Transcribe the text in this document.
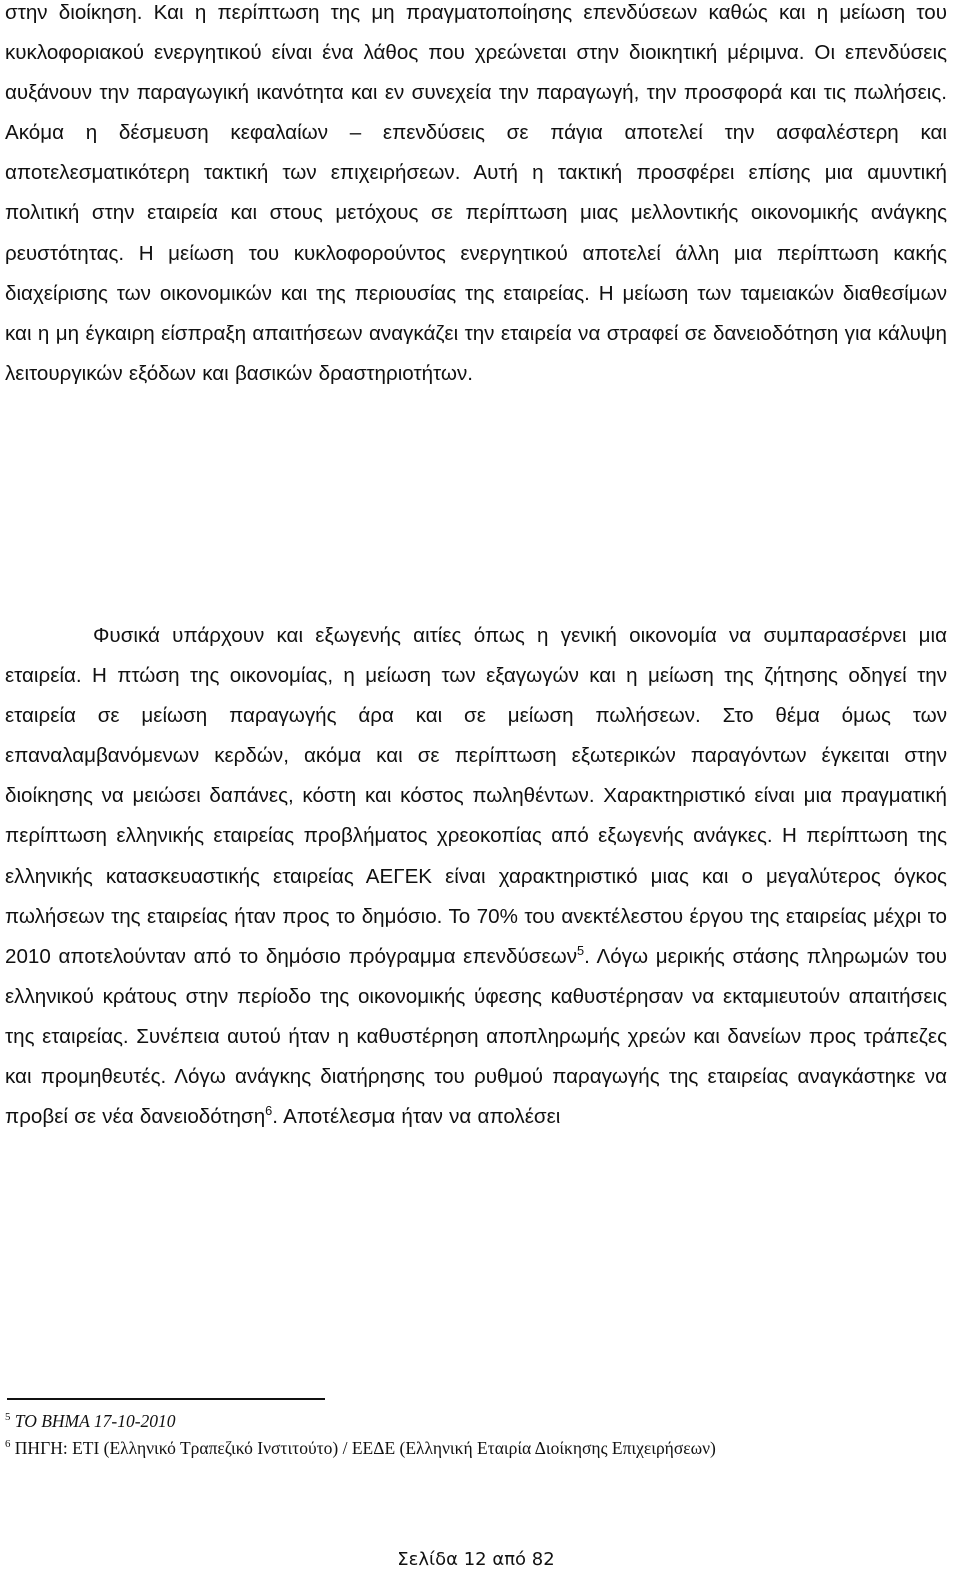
στην διοίκηση. Και η περίπτωση της μη πραγματοποίησης επενδύσεων καθώς και η μείωση του κυκλοφοριακού ενεργητικού είναι ένα λάθος που χρεώνεται στην διοικητική μέριμνα. Οι επενδύσεις αυξάνουν την παραγωγική ικανότητα και εν συνεχεία την παραγωγή, την προσφορά και τις πωλήσεις. Ακόμα η δέσμευση κεφαλαίων – επενδύσεις σε πάγια αποτελεί την ασφαλέστερη και αποτελεσματικότερη τακτική των επιχειρήσεων. Αυτή η τακτική προσφέρει επίσης μια αμυντική πολιτική στην εταιρεία και στους μετόχους σε περίπτωση μιας μελλοντικής οικονομικής ανάγκης ρευστότητας. Η μείωση του κυκλοφορούντος ενεργητικού αποτελεί άλλη μια περίπτωση κακής διαχείρισης των οικονομικών και της περιουσίας της εταιρείας. Η μείωση των ταμειακών διαθεσίμων και η μη έγκαιρη είσπραξη απαιτήσεων αναγκάζει την εταιρεία να στραφεί σε δανειοδότηση για κάλυψη λειτουργικών εξόδων και βασικών δραστηριοτήτων.

Φυσικά υπάρχουν και εξωγενής αιτίες όπως η γενική οικονομία να συμπαρασέρνει μια εταιρεία. Η πτώση της οικονομίας, η μείωση των εξαγωγών και η μείωση της ζήτησης οδηγεί την εταιρεία σε μείωση παραγωγής άρα και σε μείωση πωλήσεων. Στο θέμα όμως των επαναλαμβανόμενων κερδών, ακόμα και σε περίπτωση εξωτερικών παραγόντων έγκειται στην διοίκησης να μειώσει δαπάνες, κόστη και κόστος πωληθέντων. Χαρακτηριστικό είναι μια πραγματική περίπτωση ελληνικής εταιρείας προβλήματος χρεοκοπίας από εξωγενής ανάγκες. Η περίπτωση της ελληνικής κατασκευαστικής εταιρείας ΑΕΓΕΚ είναι χαρακτηριστικό μιας και ο μεγαλύτερος όγκος πωλήσεων της εταιρείας ήταν προς το δημόσιο. Το 70% του ανεκτέλεστου έργου της εταιρείας μέχρι το 2010 αποτελούνταν από το δημόσιο πρόγραμμα επενδύσεων$^5$. Λόγω μερικής στάσης πληρωμών του ελληνικού κράτους στην περίοδο της οικονομικής ύφεσης καθυστέρησαν να εκταμιευτούν απαιτήσεις της εταιρείας. Συνέπεια αυτού ήταν η καθυστέρηση αποπληρωμής χρεών και δανείων προς τράπεζες και προμηθευτές. Λόγω ανάγκης διατήρησης του ρυθμού παραγωγής της εταιρείας αναγκάστηκε να προβεί σε νέα δανειοδότηση$^6$. Αποτέλεσμα ήταν να απολέσει

$^5$ ΤΟ ΒΗΜΑ 17-10-2010
$^6$ ΠΗΓΗ: ΕΤΙ (Ελληνικό Τραπεζικό Ινστιτούτο) / ΕΕΔΕ (Ελληνική Εταιρία Διοίκησης Επιχειρήσεων)
Σελίδα 12 από 82
